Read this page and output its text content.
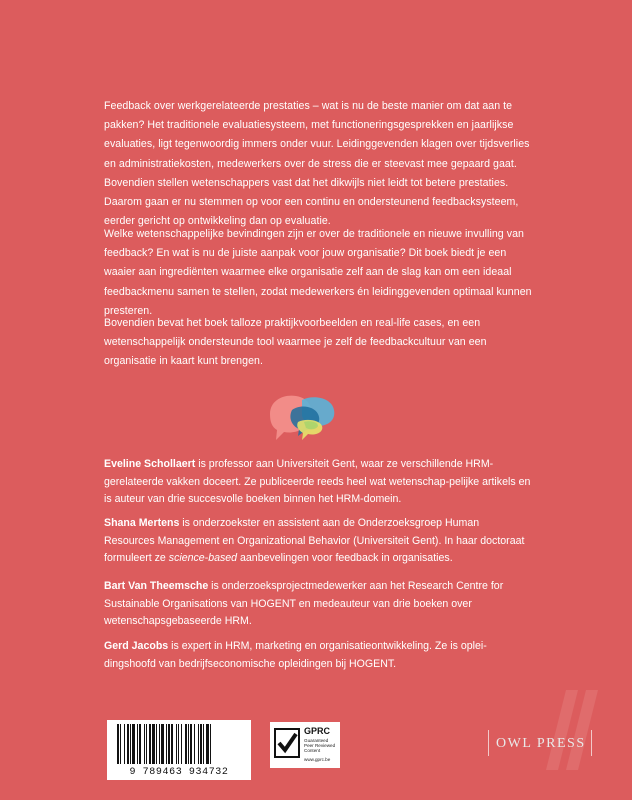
Feedback over werkgerelateerde prestaties – wat is nu de beste manier om dat aan te pakken? Het traditionele evaluatiesysteem, met functioneringsgesprekken en jaarlijkse evaluaties, ligt tegenwoordig immers onder vuur. Leidinggevenden klagen over tijdsverlies en administratiekosten, medewerkers over de stress die er steevast mee gepaard gaat. Bovendien stellen wetenschappers vast dat het dikwijls niet leidt tot betere prestaties. Daarom gaan er nu stemmen op voor een continu en ondersteunend feedbacksysteem, eerder gericht op ontwikkeling dan op evaluatie.

Welke wetenschappelijke bevindingen zijn er over de traditionele en nieuwe invulling van feedback? En wat is nu de juiste aanpak voor jouw organisatie? Dit boek biedt je een waaier aan ingrediënten waarmee elke organisatie zelf aan de slag kan om een ideaal feedbackmenu samen te stellen, zodat medewerkers én leidinggevenden optimaal kunnen presteren.

Bovendien bevat het boek talloze praktijkvoorbeelden en real-life cases, en een wetenschappelijk ondersteunde tool waarmee je zelf de feedbackcultuur van een organisatie in kaart kunt brengen.

Eveline Schollaert is professor aan Universiteit Gent, waar ze verschillende HRM-gerelateerde vakken doceert. Ze publiceerde reeds heel wat wetenschap-pelijke artikels en is auteur van drie succesvolle boeken binnen het HRM-domein.

Shana Mertens is onderzoekster en assistent aan de Onderzoeksgroep Human Resources Management en Organizational Behavior (Universiteit Gent). In haar doctoraat formuleert ze science-based aanbevelingen voor feedback in organisaties.

Bart Van Theemsche is onderzoeksprojectmedewerker aan het Research Centre for Sustainable Organisations van HOGENT en medeauteur van drie boeken over wetenschapsgebaseerde HRM.

Gerd Jacobs is expert in HRM, marketing en organisatieontwikkeling. Ze is oplei-dingshoofd van bedrijfseconomische opleidingen bij HOGENT.

9 789463 934732
GPRC
Guaranteed
Peer Reviewed
Content
www.gprc.be
OWL PRESS
